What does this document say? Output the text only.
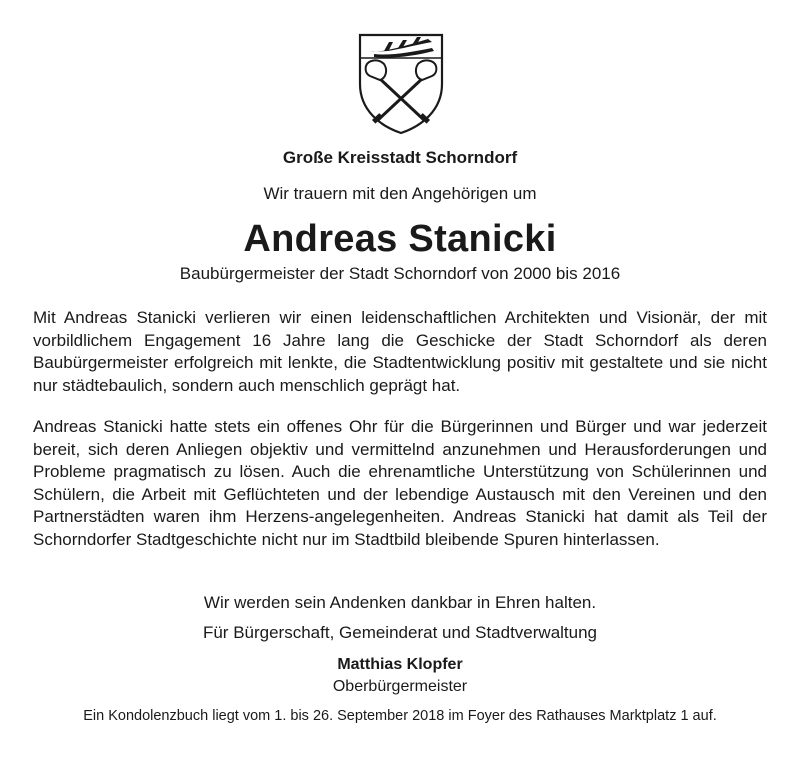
Große Kreisstadt Schorndorf
Wir trauern mit den Angehörigen um
Andreas Stanicki
Baubürgermeister der Stadt Schorndorf von 2000 bis 2016
Mit Andreas Stanicki verlieren wir einen leidenschaftlichen Architekten und Visionär, der mit vorbildlichem Engagement 16 Jahre lang die Geschicke der Stadt Schorndorf als deren Baubürgermeister erfolgreich mit lenkte, die Stadtentwicklung positiv mit gestaltete und sie nicht nur städtebaulich, sondern auch menschlich geprägt hat.
Andreas Stanicki hatte stets ein offenes Ohr für die Bürgerinnen und Bürger und war jederzeit bereit, sich deren Anliegen objektiv und vermittelnd anzunehmen und Herausforderungen und Probleme pragmatisch zu lösen. Auch die ehrenamtliche Unterstützung von Schülerinnen und Schülern, die Arbeit mit Geflüchteten und der lebendige Austausch mit den Vereinen und den Partnerstädten waren ihm Herzens-angelegenheiten. Andreas Stanicki hat damit als Teil der Schorndorfer Stadtgeschichte nicht nur im Stadtbild bleibende Spuren hinterlassen.
Wir werden sein Andenken dankbar in Ehren halten.
Für Bürgerschaft, Gemeinderat und Stadtverwaltung
Matthias Klopfer
Oberbürgermeister
Ein Kondolenzbuch liegt vom 1. bis 26. September 2018 im Foyer des Rathauses Marktplatz 1 auf.
